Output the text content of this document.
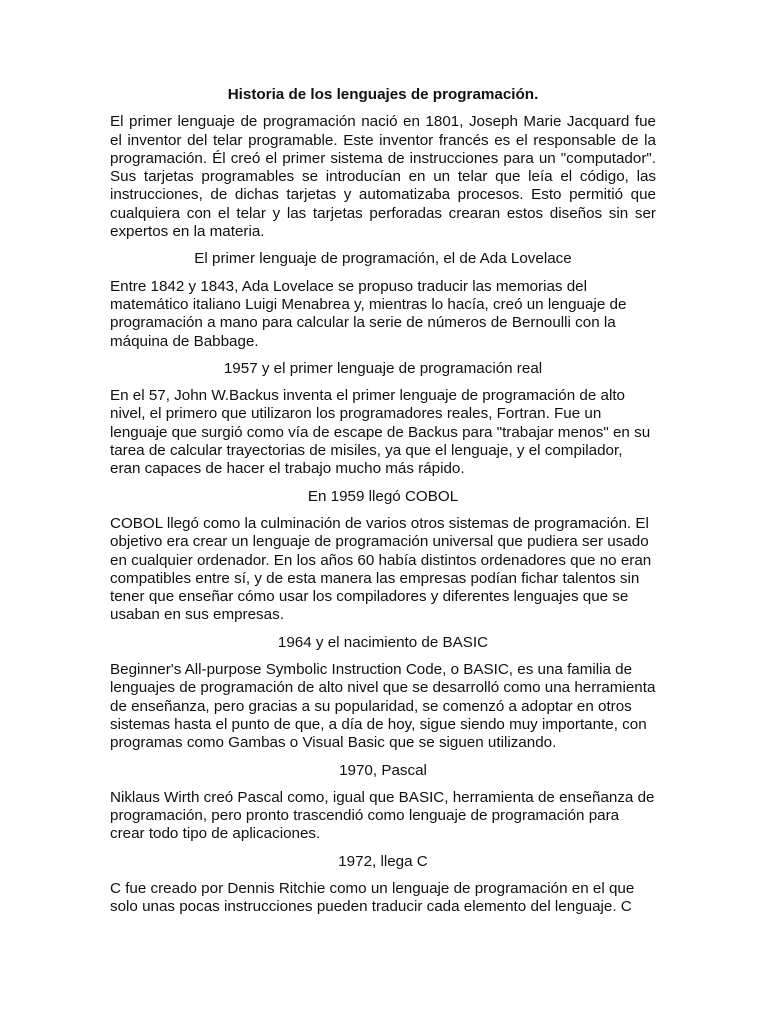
Historia de los lenguajes de programación.

El primer lenguaje de programación nació en 1801, Joseph Marie Jacquard fue el inventor del telar programable. Este inventor francés es el responsable de la programación. Él creó el primer sistema de instrucciones para un "computador". Sus tarjetas programables se introducían en un telar que leía el código, las instrucciones, de dichas tarjetas y automatizaba procesos. Esto permitió que cualquiera con el telar y las tarjetas perforadas crearan estos diseños sin ser expertos en la materia.

El primer lenguaje de programación, el de Ada Lovelace

Entre 1842 y 1843, Ada Lovelace se propuso traducir las memorias del matemático italiano Luigi Menabrea y, mientras lo hacía, creó un lenguaje de programación a mano para calcular la serie de números de Bernoulli con la máquina de Babbage.

1957 y el primer lenguaje de programación real

En el 57, John W.Backus inventa el primer lenguaje de programación de alto nivel, el primero que utilizaron los programadores reales, Fortran. Fue un lenguaje que surgió como vía de escape de Backus para "trabajar menos" en su tarea de calcular trayectorias de misiles, ya que el lenguaje, y el compilador, eran capaces de hacer el trabajo mucho más rápido.

En 1959 llegó COBOL

COBOL llegó como la culminación de varios otros sistemas de programación. El objetivo era crear un lenguaje de programación universal que pudiera ser usado en cualquier ordenador. En los años 60 había distintos ordenadores que no eran compatibles entre sí, y de esta manera las empresas podían fichar talentos sin tener que enseñar cómo usar los compiladores y diferentes lenguajes que se usaban en sus empresas.

1964 y el nacimiento de BASIC

Beginner's All-purpose Symbolic Instruction Code, o BASIC, es una familia de lenguajes de programación de alto nivel que se desarrolló como una herramienta de enseñanza, pero gracias a su popularidad, se comenzó a adoptar en otros sistemas hasta el punto de que, a día de hoy, sigue siendo muy importante, con programas como Gambas o Visual Basic que se siguen utilizando.

1970, Pascal

Niklaus Wirth creó Pascal como, igual que BASIC, herramienta de enseñanza de programación, pero pronto trascendió como lenguaje de programación para crear todo tipo de aplicaciones.

1972, llega C

C fue creado por Dennis Ritchie como un lenguaje de programación en el que solo unas pocas instrucciones pueden traducir cada elemento del lenguaje. C
